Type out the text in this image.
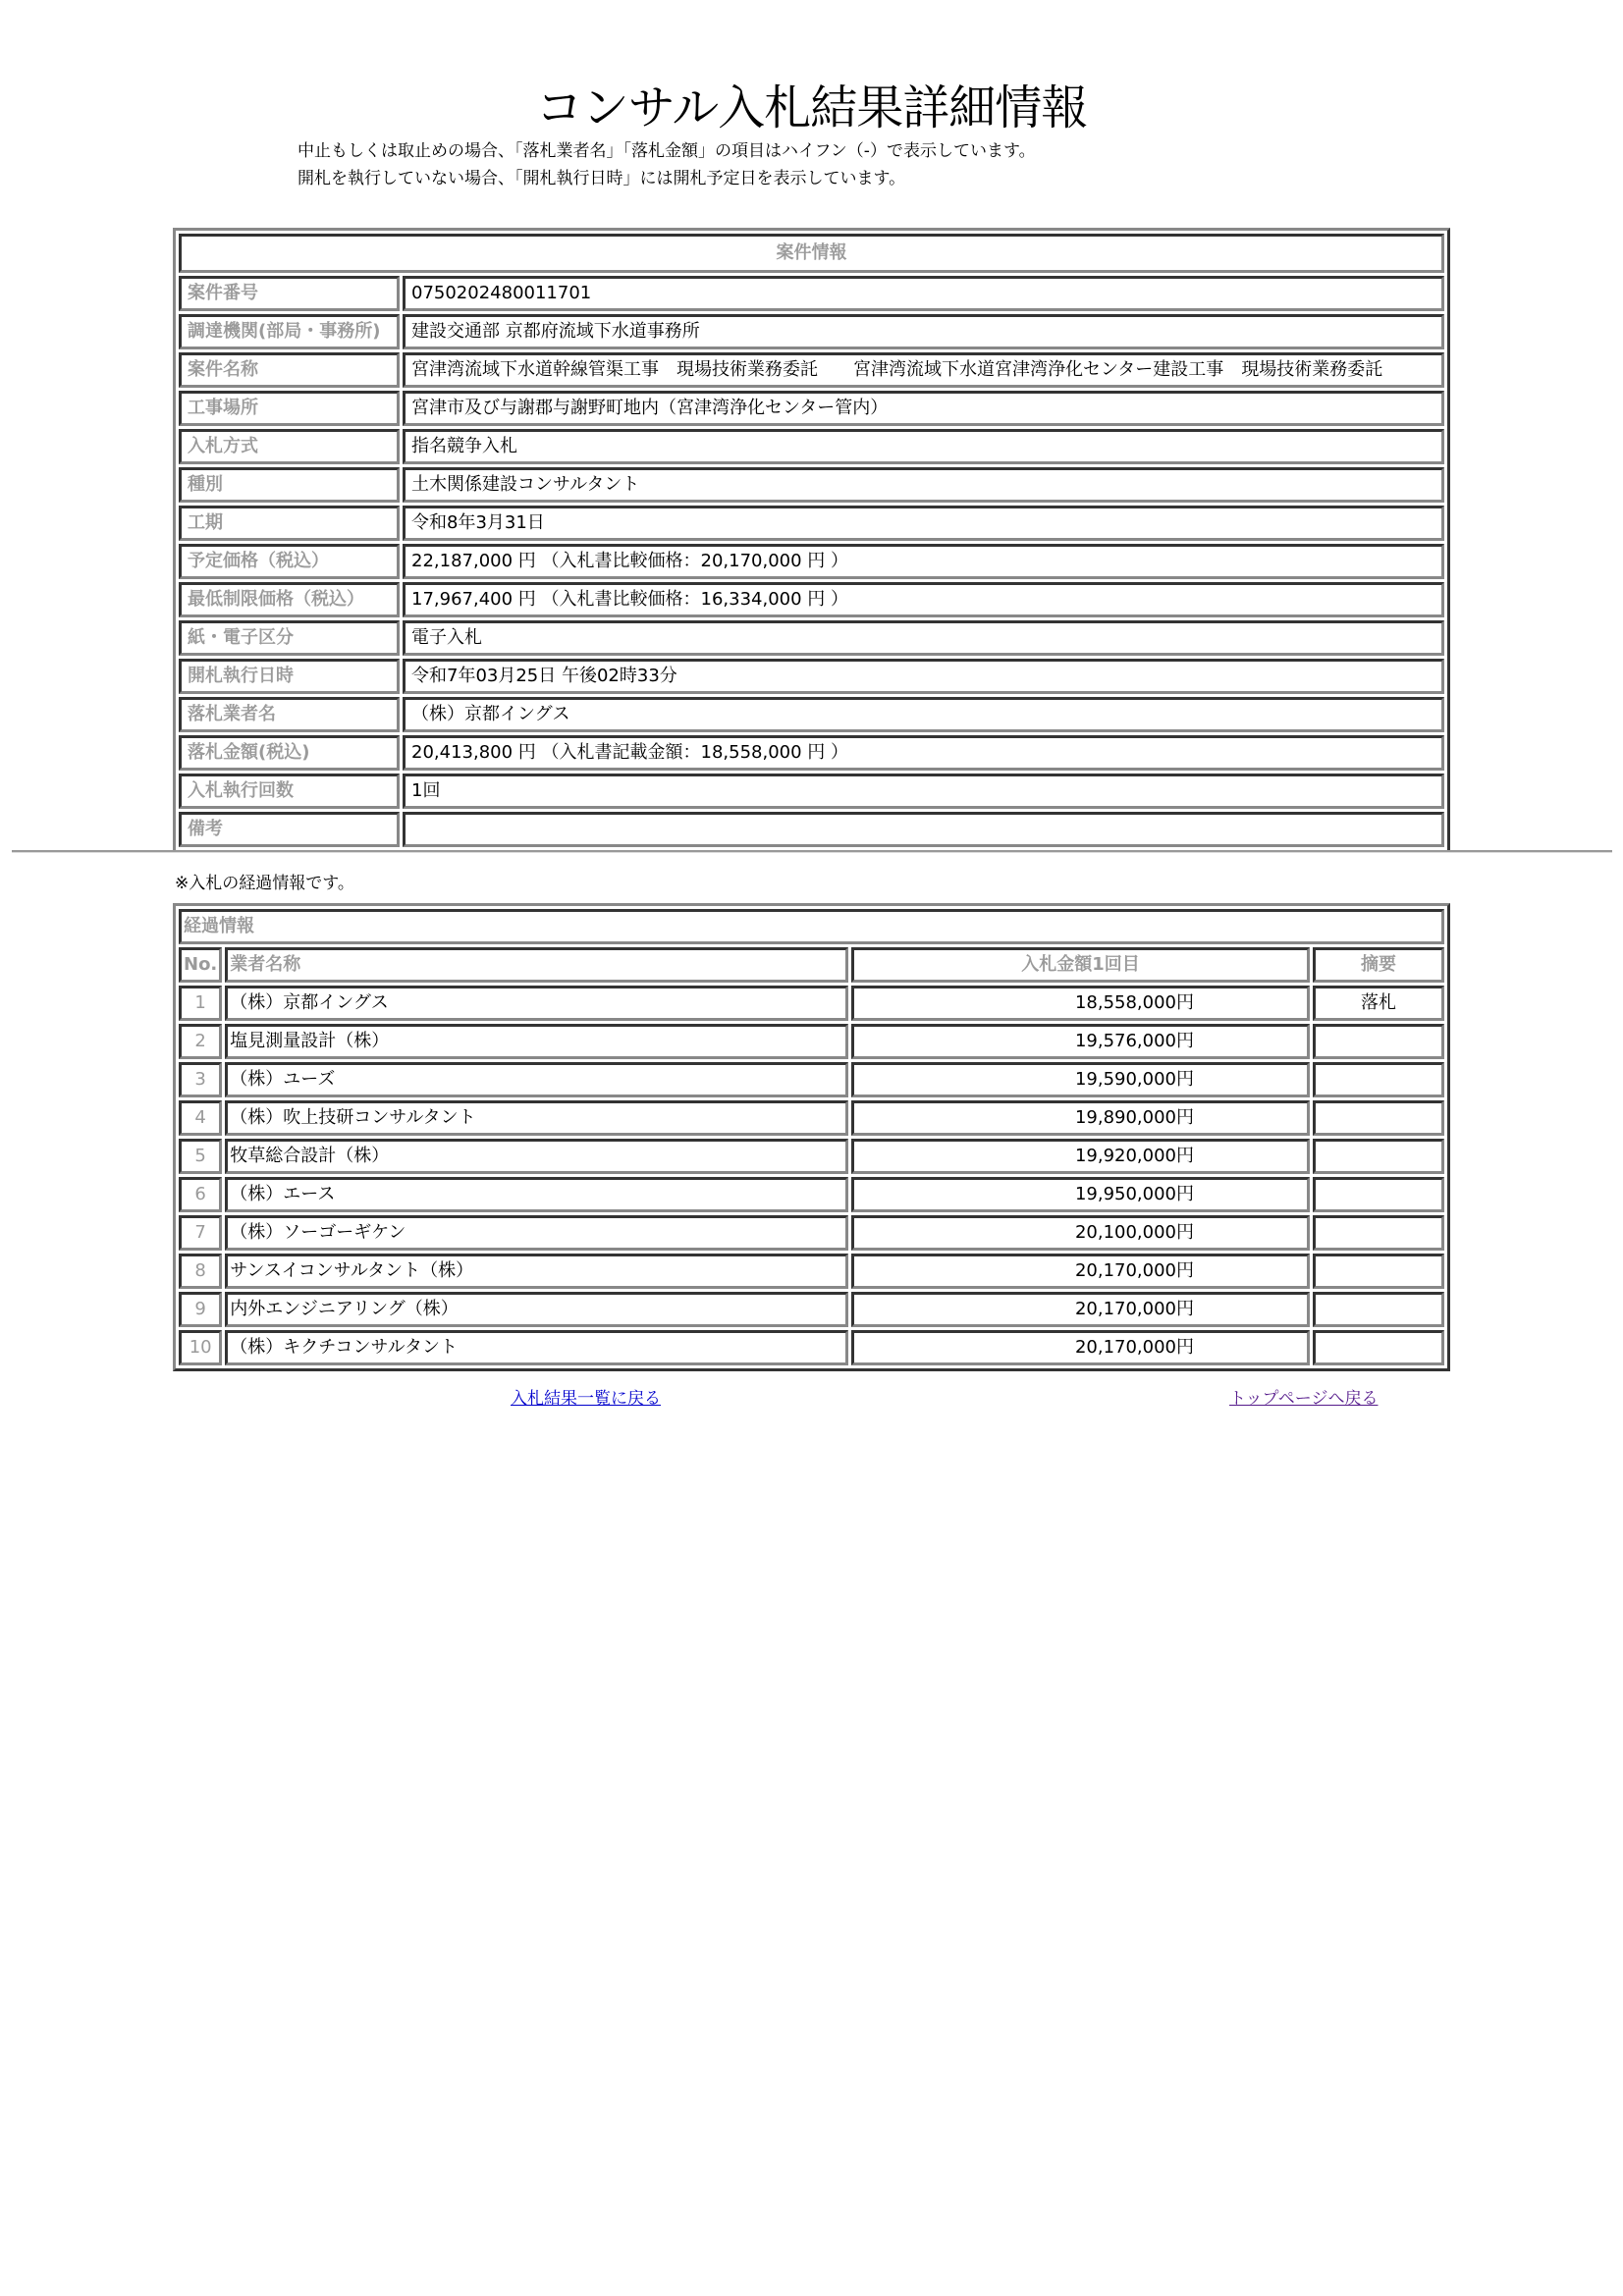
コンサル入札結果詳細情報
中止もしくは取止めの場合、「落札業者名」「落札金額」の項目はハイフン（-）で表示しています。
開札を執行していない場合、「開札執行日時」には開札予定日を表示しています。
案件情報	
案件番号	0750202480011701
調達機関(部局・事務所)	建設交通部 京都府流域下水道事務所
案件名称	宮津湾流域下水道幹線管渠工事　現場技術業務委託　　宮津湾流域下水道宮津湾浄化センター建設工事　現場技術業務委託
工事場所	宮津市及び与謝郡与謝野町地内（宮津湾浄化センター管内）
入札方式	指名競争入札
種別	土木関係建設コンサルタント
工期	令和8年3月31日
予定価格（税込）	22,187,000 円 （入札書比較価格：20,170,000 円 ）
最低制限価格（税込）	17,967,400 円 （入札書比較価格：16,334,000 円 ）
紙・電子区分	電子入札
開札執行日時	令和7年03月25日 午後02時33分
落札業者名	（株）京都イングス
落札金額(税込)	20,413,800 円 （入札書記載金額：18,558,000 円 ）
入札執行回数	1回
備考	
※入札の経過情報です。
経過情報			
No.	業者名称	入札金額1回目	摘要
1	（株）京都イングス	18,558,000円	落札
2	塩見測量設計（株）	19,576,000円	
3	（株）ユーズ	19,590,000円	
4	（株）吹上技研コンサルタント	19,890,000円	
5	牧草総合設計（株）	19,920,000円	
6	（株）エース	19,950,000円	
7	（株）ソーゴーギケン	20,100,000円	
8	サンスイコンサルタント（株）	20,170,000円	
9	内外エンジニアリング（株）	20,170,000円	
10	（株）キクチコンサルタント	20,170,000円	
入札結果一覧に戻る	トップページへ戻る
